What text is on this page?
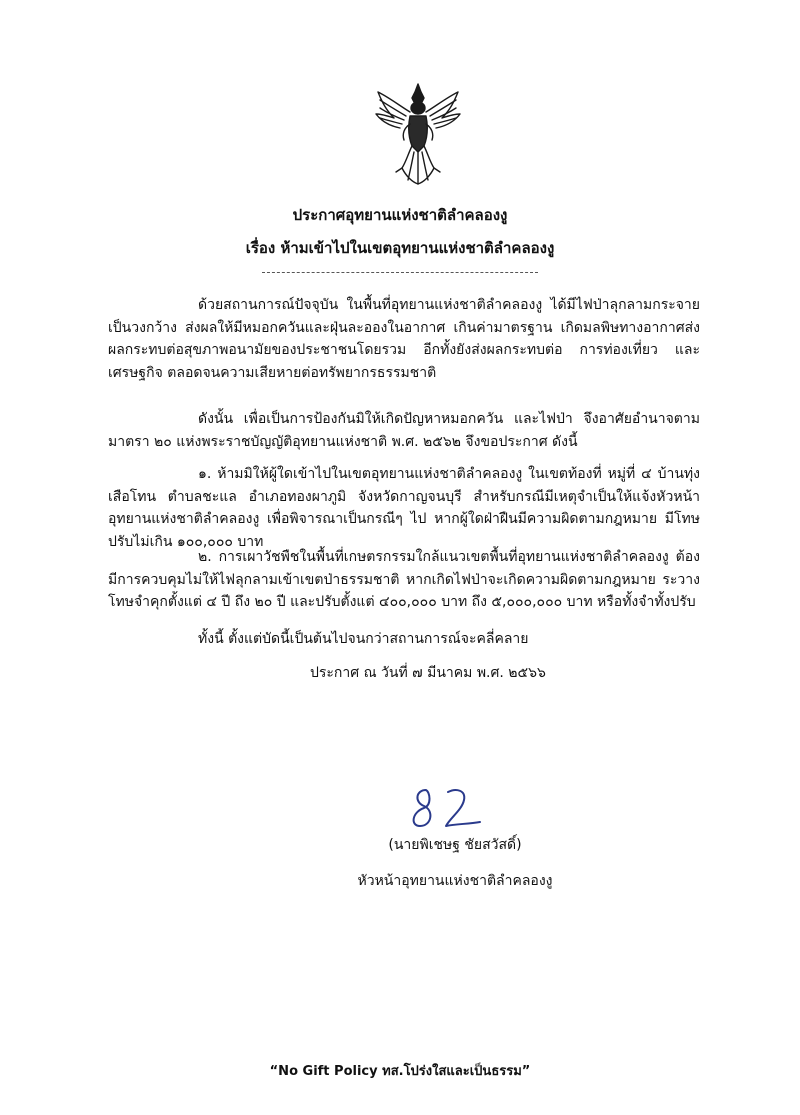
ประกาศอุทยานแห่งชาติลำคลองงู
เรื่อง ห้ามเข้าไปในเขตอุทยานแห่งชาติลำคลองงู

ด้วยสถานการณ์ปัจจุบัน ในพื้นที่อุทยานแห่งชาติลำคลองงู ได้มีไฟป่าลุกลามกระจายเป็นวงกว้าง ส่งผลให้มีหมอกควันและฝุ่นละอองในอากาศ เกินค่ามาตรฐาน เกิดมลพิษทางอากาศส่งผลกระทบต่อสุขภาพอนามัยของประชาชนโดยรวม อีกทั้งยังส่งผลกระทบต่อ การท่องเที่ยว และเศรษฐกิจ ตลอดจนความเสียหายต่อทรัพยากรธรรมชาติ

ดังนั้น เพื่อเป็นการป้องกันมิให้เกิดปัญหาหมอกควัน และไฟป่า จึงอาศัยอำนาจตามมาตรา ๒๐ แห่งพระราชบัญญัติอุทยานแห่งชาติ พ.ศ. ๒๕๖๒ จึงขอประกาศ ดังนี้

๑. ห้ามมิให้ผู้ใดเข้าไปในเขตอุทยานแห่งชาติลำคลองงู ในเขตท้องที่ หมู่ที่ ๔ บ้านทุ่งเสือโทน ตำบลชะแล อำเภอทองผาภูมิ จังหวัดกาญจนบุรี สำหรับกรณีมีเหตุจำเป็นให้แจ้งหัวหน้าอุทยานแห่งชาติลำคลองงู เพื่อพิจารณาเป็นกรณีๆ ไป หากผู้ใดฝ่าฝืนมีความผิดตามกฎหมาย มีโทษปรับไม่เกิน ๑๐๐,๐๐๐ บาท

๒. การเผาวัชพืชในพื้นที่เกษตรกรรมใกล้แนวเขตพื้นที่อุทยานแห่งชาติลำคลองงู ต้องมีการควบคุมไม่ให้ไฟลุกลามเข้าเขตป่าธรรมชาติ หากเกิดไฟป่าจะเกิดความผิดตามกฎหมาย ระวางโทษจำคุกตั้งแต่ ๔ ปี ถึง ๒๐ ปี และปรับตั้งแต่ ๔๐๐,๐๐๐ บาท ถึง ๕,๐๐๐,๐๐๐ บาท หรือทั้งจำทั้งปรับ

ทั้งนี้ ตั้งแต่บัดนี้เป็นต้นไปจนกว่าสถานการณ์จะคลี่คลาย

ประกาศ ณ วันที่ ๗ มีนาคม พ.ศ. ๒๕๖๖
(นายพิเชษฐ ชัยสวัสดิ์)
หัวหน้าอุทยานแห่งชาติลำคลองงู
“No Gift Policy ทส.โปร่งใสและเป็นธรรม”
